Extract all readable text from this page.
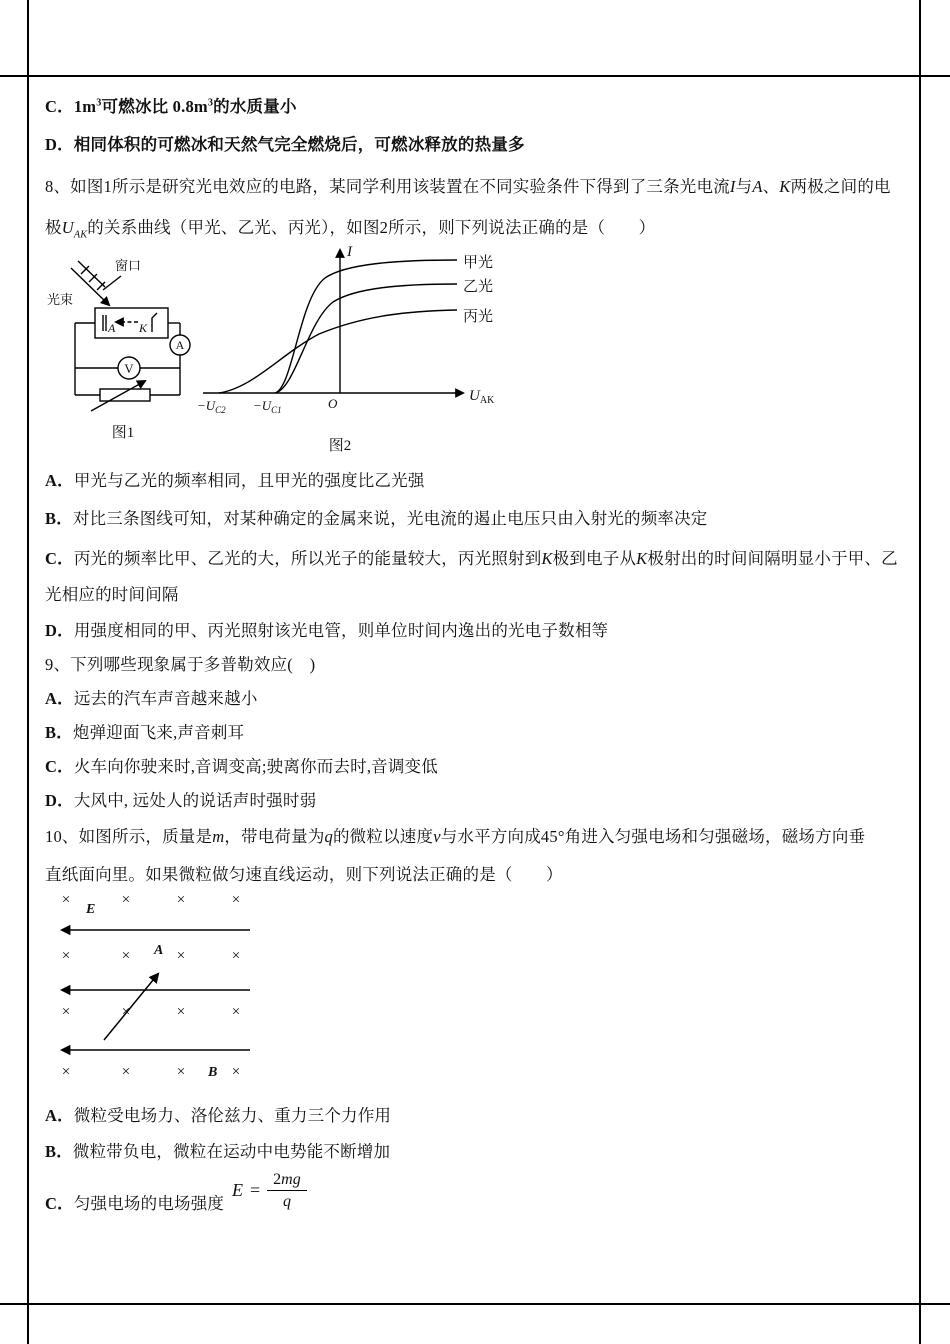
C．$1m^3$可燃冰比 $0.8m^3$的水质量小
D．相同体积的可燃冰和天然气完全燃烧后，可燃冰释放的热量多
8、如图1所示是研究光电效应的电路，某同学利用该装置在不同实验条件下得到了三条光电流I与A、K两极之间的电
极$U_{AK}$的关系曲线（甲光、乙光、丙光），如图2所示，则下列说法正确的是（　　）
窗口
光束
A K
A
V
图1
I
$U_{AK}$
甲光
乙光
丙光
$-U_{C2} -U_{C1}$	O
图2
A．甲光与乙光的频率相同，且甲光的强度比乙光强
B．对比三条图线可知，对某种确定的金属来说，光电流的遏止电压只由入射光的频率决定
C．丙光的频率比甲、乙光的大，所以光子的能量较大，丙光照射到K极到电子从K极射出的时间间隔明显小于甲、乙
光相应的时间间隔
D．用强度相同的甲、丙光照射该光电管，则单位时间内逸出的光电子数相等
9、下列哪些现象属于多普勒效应(　)
A．远去的汽车声音越来越小
B．炮弹迎面飞来,声音刺耳
C．火车向你驶来时,音调变高;驶离你而去时,音调变低
D．大风中, 远处人的说话声时强时弱
10、如图所示，质量是m，带电荷量为q的微粒以速度v与水平方向成45°角进入匀强电场和匀强磁场，磁场方向垂
直纸面向里。如果微粒做匀速直线运动，则下列说法正确的是（　　）
×	×	×	×
E
×	×	×	×
A
×	×	×	×
×	×	×	×
B
A．微粒受电场力、洛伦兹力、重力三个力作用
B．微粒带负电，微粒在运动中电势能不断增加
C．匀强电场的电场强度
$E = \frac{2mg}{q}$
